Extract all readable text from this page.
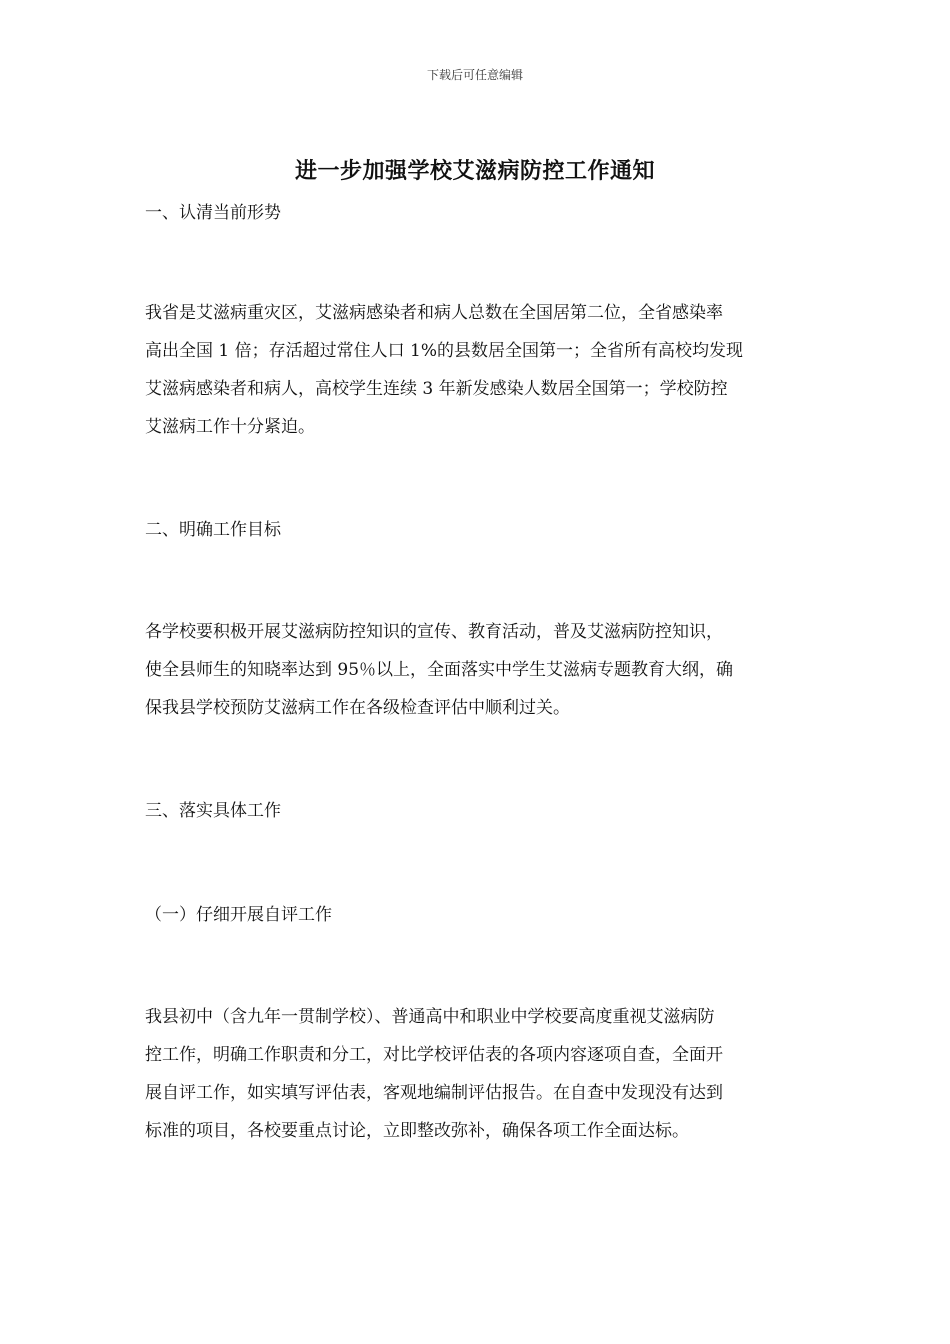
下载后可任意编辑
进一步加强学校艾滋病防控工作通知
一、认清当前形势
我省是艾滋病重灾区，艾滋病感染者和病人总数在全国居第二位，全省感染率
高出全国 1 倍；存活超过常住人口 1%的县数居全国第一；全省所有高校均发现
艾滋病感染者和病人，高校学生连续 3 年新发感染人数居全国第一；学校防控
艾滋病工作十分紧迫。
二、明确工作目标
各学校要积极开展艾滋病防控知识的宣传、教育活动，普及艾滋病防控知识，
使全县师生的知晓率达到 95％以上，全面落实中学生艾滋病专题教育大纲，确
保我县学校预防艾滋病工作在各级检查评估中顺利过关。
三、落实具体工作
（一）仔细开展自评工作
我县初中（含九年一贯制学校）、普通高中和职业中学校要高度重视艾滋病防
控工作，明确工作职责和分工，对比学校评估表的各项内容逐项自查，全面开
展自评工作，如实填写评估表，客观地编制评估报告。在自查中发现没有达到
标准的项目，各校要重点讨论，立即整改弥补，确保各项工作全面达标。
